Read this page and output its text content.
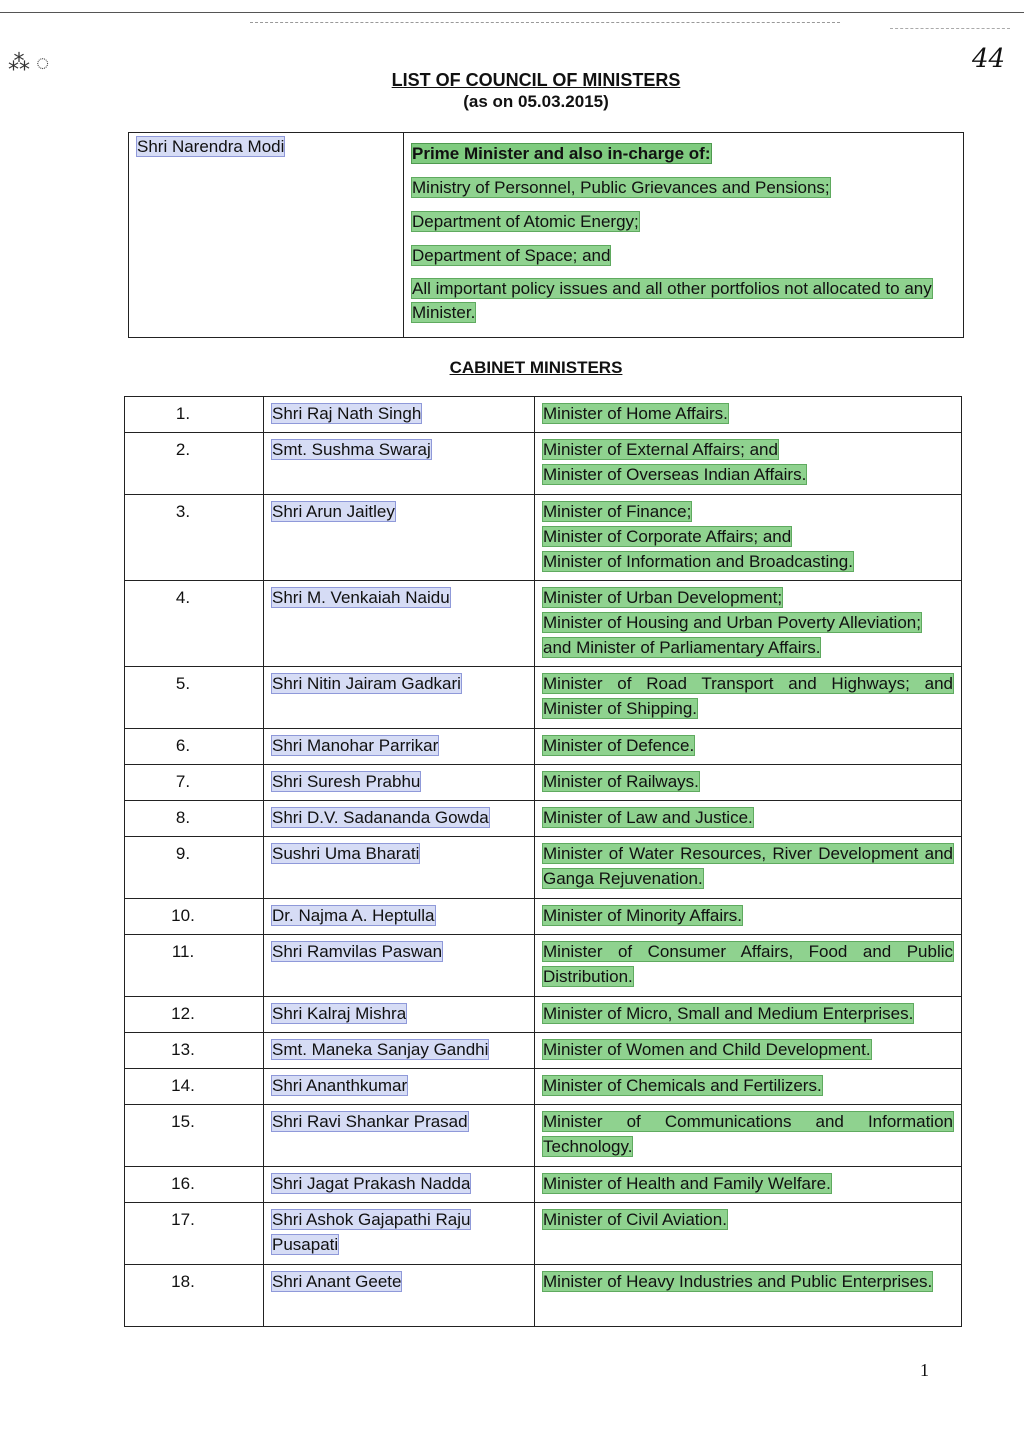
⁂ ◌	44
LIST OF COUNCIL OF MINISTERS
(as on 05.03.2015)
Shri Narendra Modi	Prime Minister and also in-charge of:
Ministry of Personnel, Public Grievances and Pensions;
Department of Atomic Energy;
Department of Space; and
All important policy issues and all other portfolios not allocated to any Minister.
CABINET MINISTERS
1.	Shri Raj Nath Singh	Minister of Home Affairs.
2.	Smt. Sushma Swaraj	Minister of External Affairs; and
Minister of Overseas Indian Affairs.
3.	Shri Arun Jaitley	Minister of Finance;
Minister of Corporate Affairs; and
Minister of Information and Broadcasting.
4.	Shri M. Venkaiah Naidu	Minister of Urban Development;
Minister of Housing and Urban Poverty Alleviation;
and Minister of Parliamentary Affairs.
5.	Shri Nitin Jairam Gadkari	Minister of Road Transport and Highways; and Minister of Shipping.
6.	Shri Manohar Parrikar	Minister of Defence.
7.	Shri Suresh Prabhu	Minister of Railways.
8.	Shri D.V. Sadananda Gowda	Minister of Law and Justice.
9.	Sushri Uma Bharati	Minister of Water Resources, River Development and Ganga Rejuvenation.
10.	Dr. Najma A. Heptulla	Minister of Minority Affairs.
11.	Shri Ramvilas Paswan	Minister of Consumer Affairs, Food and Public Distribution.
12.	Shri Kalraj Mishra	Minister of Micro, Small and Medium Enterprises.
13.	Smt. Maneka Sanjay Gandhi	Minister of Women and Child Development.
14.	Shri Ananthkumar	Minister of Chemicals and Fertilizers.
15.	Shri Ravi Shankar Prasad	Minister of Communications and Information Technology.
16.	Shri Jagat Prakash Nadda	Minister of Health and Family Welfare.
17.	Shri Ashok Gajapathi Raju Pusapati	Minister of Civil Aviation.
18.	Shri Anant Geete	Minister of Heavy Industries and Public Enterprises.
1
